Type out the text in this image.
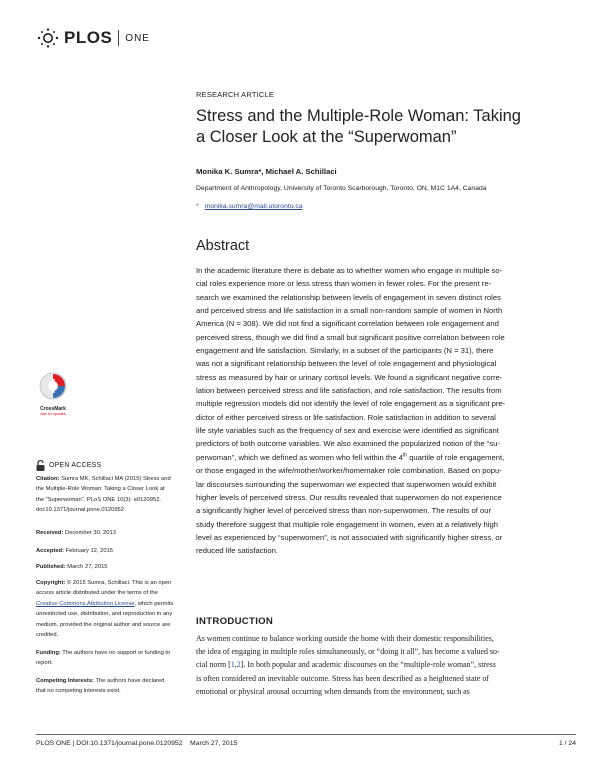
PLOS ONE
RESEARCH ARTICLE
Stress and the Multiple-Role Woman: Taking
a Closer Look at the “Superwoman”
Monika K. Sumra*, Michael A. Schillaci
Department of Anthropology, University of Toronto Scarborough, Toronto, ON, M1C 1A4, Canada
* monika.sumra@mail.utoronto.ca
Abstract
In the academic literature there is debate as to whether women who engage in multiple so-
cial roles experience more or less stress than women in fewer roles. For the present re-
search we examined the relationship between levels of engagement in seven distinct roles
and perceived stress and life satisfaction in a small non-random sample of women in North
America (N = 308). We did not find a significant correlation between role engagement and
perceived stress, though we did find a small but significant positive correlation between role
engagement and life satisfaction. Similarly, in a subset of the participants (N = 31), there
was not a significant relationship between the level of role engagement and physiological
stress as measured by hair or urinary cortisol levels. We found a significant negative corre-
lation between perceived stress and life satisfaction, and role satisfaction. The results from
multiple regression models did not identify the level of role engagement as a significant pre-
dictor of either perceived stress or life satisfaction. Role satisfaction in addition to several
life style variables such as the frequency of sex and exercise were identified as significant
predictors of both outcome variables. We also examined the popularized notion of the “su-
perwoman”, which we defined as women who fell within the 4th quartile of role engagement,
or those engaged in the wife/mother/worker/homemaker role combination. Based on popu-
lar discourses surrounding the superwoman we expected that superwomen would exhibit
higher levels of perceived stress. Our results revealed that superwomen do not experience
a significantly higher level of perceived stress than non-superwomen. The results of our
study therefore suggest that multiple role engagement in women, even at a relatively high
level as experienced by “superwomen”, is not associated with significantly higher stress, or
reduced life satisfaction.
CrossMark
click for updates
OPEN ACCESS
Citation: Sumra MK, Schillaci MA (2015) Stress and
the Multiple-Role Woman: Taking a Closer Look at
the “Superwoman”. PLoS ONE 10(3): e0120952.
doi:10.1371/journal.pone.0120952
Received: December 30, 2013
Accepted: February 12, 2015
Published: March 27, 2015
Copyright: © 2015 Sumra, Schillaci. This is an open
access article distributed under the terms of the
Creative Commons Attribution License, which permits
unrestricted use, distribution, and reproduction in any
medium, provided the original author and source are
credited.
Funding: The authors have no support or funding to
report.
Competing Interests: The authors have declared
that no competing interests exist.
INTRODUCTION
As women continue to balance working outside the home with their domestic responsibilities,
the idea of engaging in multiple roles simultaneously, or “doing it all”, has become a valued so-
cial norm [1,2]. In both popular and academic discourses on the “multiple-role woman”, stress
is often considered an inevitable outcome. Stress has been described as a heightened state of
emotional or physical arousal occurring when demands from the environment, such as
PLOS ONE | DOI:10.1371/journal.pone.0120952    March 27, 2015	1 / 24
